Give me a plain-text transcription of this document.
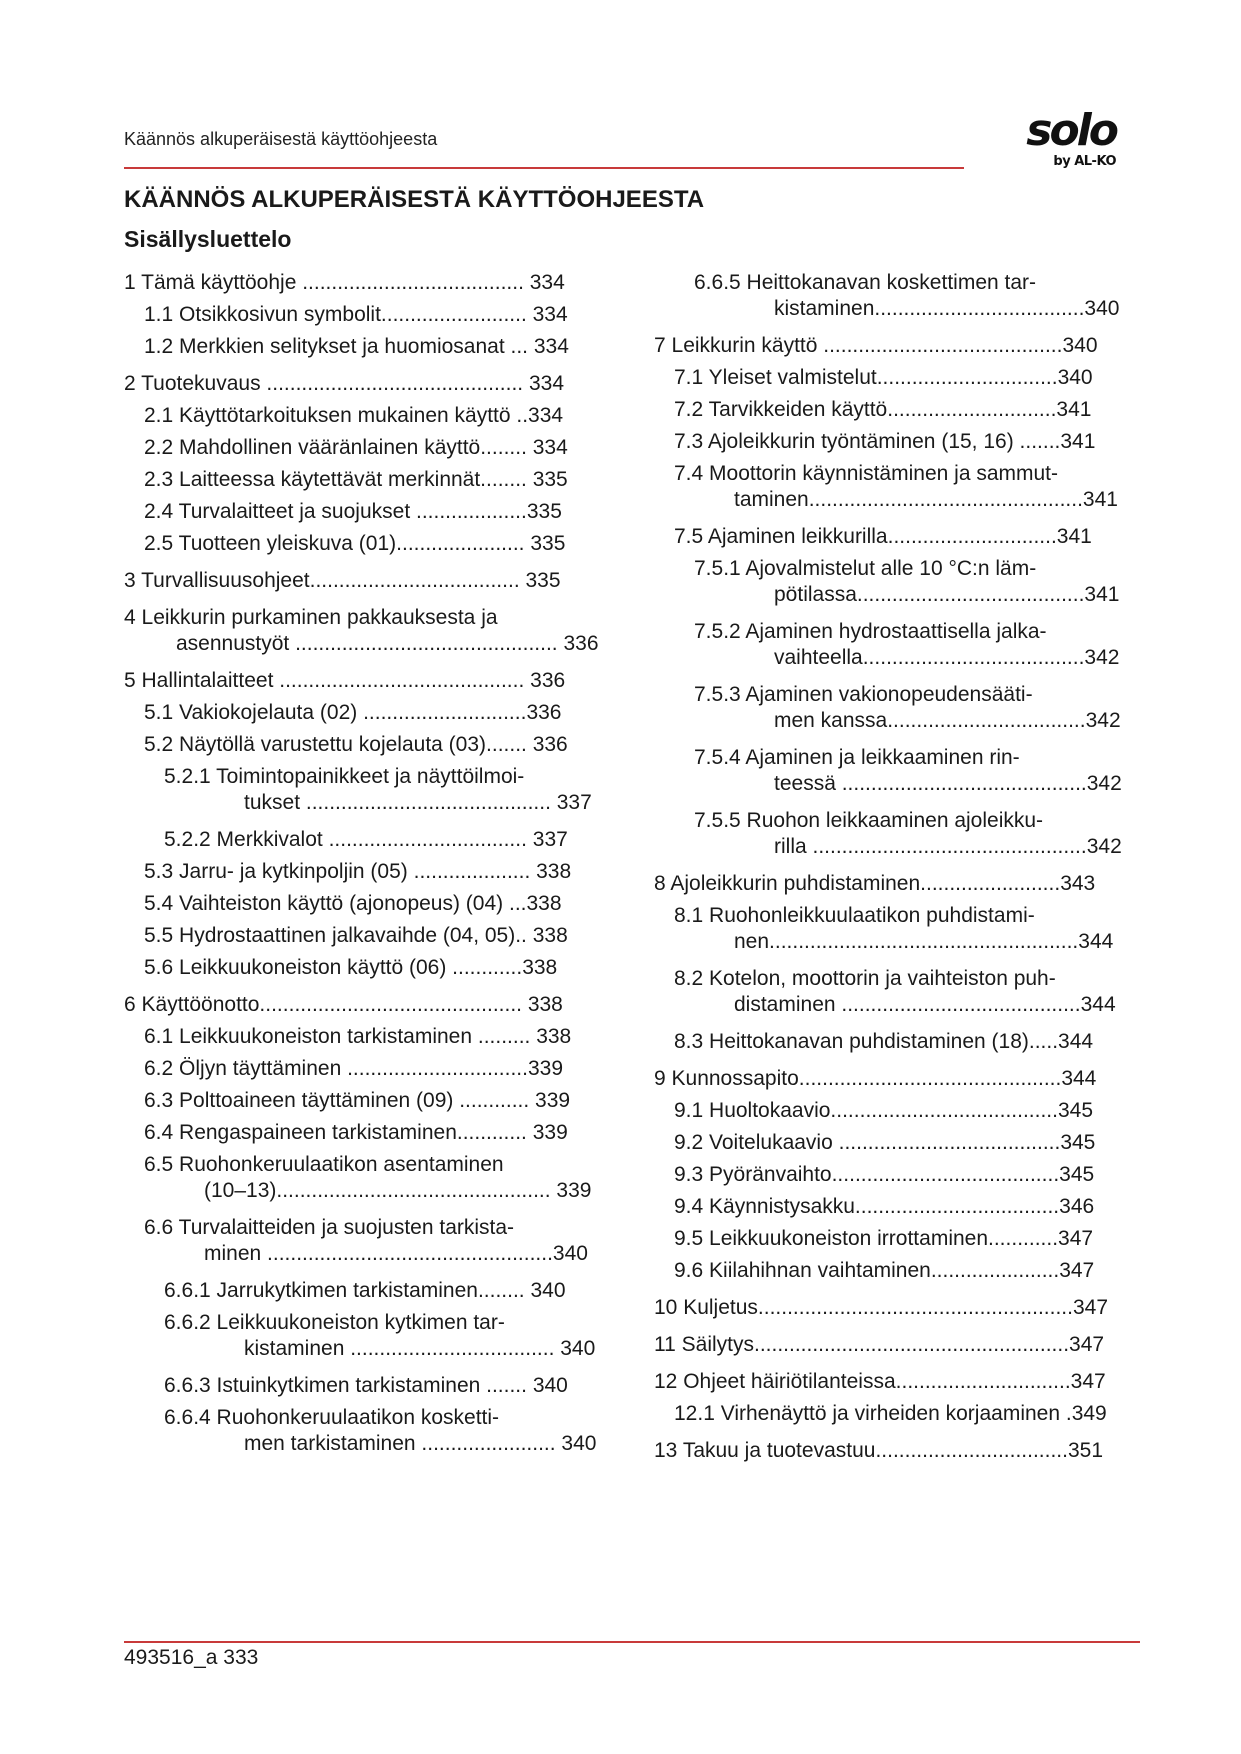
Käännös alkuperäisestä käyttöohjeesta	solo
by AL-KO
KÄÄNNÖS ALKUPERÄISESTÄ KÄYTTÖOHJEESTA
Sisällysluettelo
1 Tämä käyttöohje ...................................... 334
1.1 Otsikkosivun symbolit......................... 334
1.2 Merkkien selitykset ja huomiosanat ... 334
2 Tuotekuvaus ............................................ 334
2.1 Käyttötarkoituksen mukainen käyttö ..334
2.2 Mahdollinen vääränlainen käyttö........ 334
2.3 Laitteessa käytettävät merkinnät........ 335
2.4 Turvalaitteet ja suojukset ...................335
2.5 Tuotteen yleiskuva (01)...................... 335
3 Turvallisuusohjeet.................................... 335
4 Leikkurin purkaminen pakkauksesta ja
asennustyöt ............................................. 336
5 Hallintalaitteet .......................................... 336
5.1 Vakiokojelauta (02) ............................336
5.2 Näytöllä varustettu kojelauta (03)....... 336
5.2.1 Toimintopainikkeet ja näyttöilmoi-
tukset .......................................... 337
5.2.2 Merkkivalot .................................. 337
5.3 Jarru- ja kytkinpoljin (05) .................... 338
5.4 Vaihteiston käyttö (ajonopeus) (04) ...338
5.5 Hydrostaattinen jalkavaihde (04, 05).. 338
5.6 Leikkuukoneiston käyttö (06) ............338
6 Käyttöönotto............................................. 338
6.1 Leikkuukoneiston tarkistaminen ......... 338
6.2 Öljyn täyttäminen ...............................339
6.3 Polttoaineen täyttäminen (09) ............ 339
6.4 Rengaspaineen tarkistaminen............ 339
6.5 Ruohonkeruulaatikon asentaminen
(10–13)............................................... 339
6.6 Turvalaitteiden ja suojusten tarkista-
minen .................................................340
6.6.1 Jarrukytkimen tarkistaminen........ 340
6.6.2 Leikkuukoneiston kytkimen tar-
kistaminen ................................... 340
6.6.3 Istuinkytkimen tarkistaminen ....... 340
6.6.4 Ruohonkeruulaatikon kosketti-
men tarkistaminen ....................... 340
6.6.5 Heittokanavan koskettimen tar-
kistaminen....................................340
7 Leikkurin käyttö .........................................340
7.1 Yleiset valmistelut...............................340
7.2 Tarvikkeiden käyttö.............................341
7.3 Ajoleikkurin työntäminen (15, 16) .......341
7.4 Moottorin käynnistäminen ja sammut-
taminen...............................................341
7.5 Ajaminen leikkurilla.............................341
7.5.1 Ajovalmistelut alle 10 °C:n läm-
pötilassa.......................................341
7.5.2 Ajaminen hydrostaattisella jalka-
vaihteella......................................342
7.5.3 Ajaminen vakionopeudensääti-
men kanssa..................................342
7.5.4 Ajaminen ja leikkaaminen rin-
teessä ..........................................342
7.5.5 Ruohon leikkaaminen ajoleikku-
rilla ...............................................342
8 Ajoleikkurin puhdistaminen........................343
8.1 Ruohonleikkuulaatikon puhdistami-
nen.....................................................344
8.2 Kotelon, moottorin ja vaihteiston puh-
distaminen .........................................344
8.3 Heittokanavan puhdistaminen (18).....344
9 Kunnossapito.............................................344
9.1 Huoltokaavio.......................................345
9.2 Voitelukaavio ......................................345
9.3 Pyöränvaihto.......................................345
9.4 Käynnistysakku...................................346
9.5 Leikkuukoneiston irrottaminen............347
9.6 Kiilahihnan vaihtaminen......................347
10 Kuljetus......................................................347
11 Säilytys......................................................347
12 Ohjeet häiriötilanteissa..............................347
12.1 Virhenäyttö ja virheiden korjaaminen .349
13 Takuu ja tuotevastuu.................................351
493516_a 333
